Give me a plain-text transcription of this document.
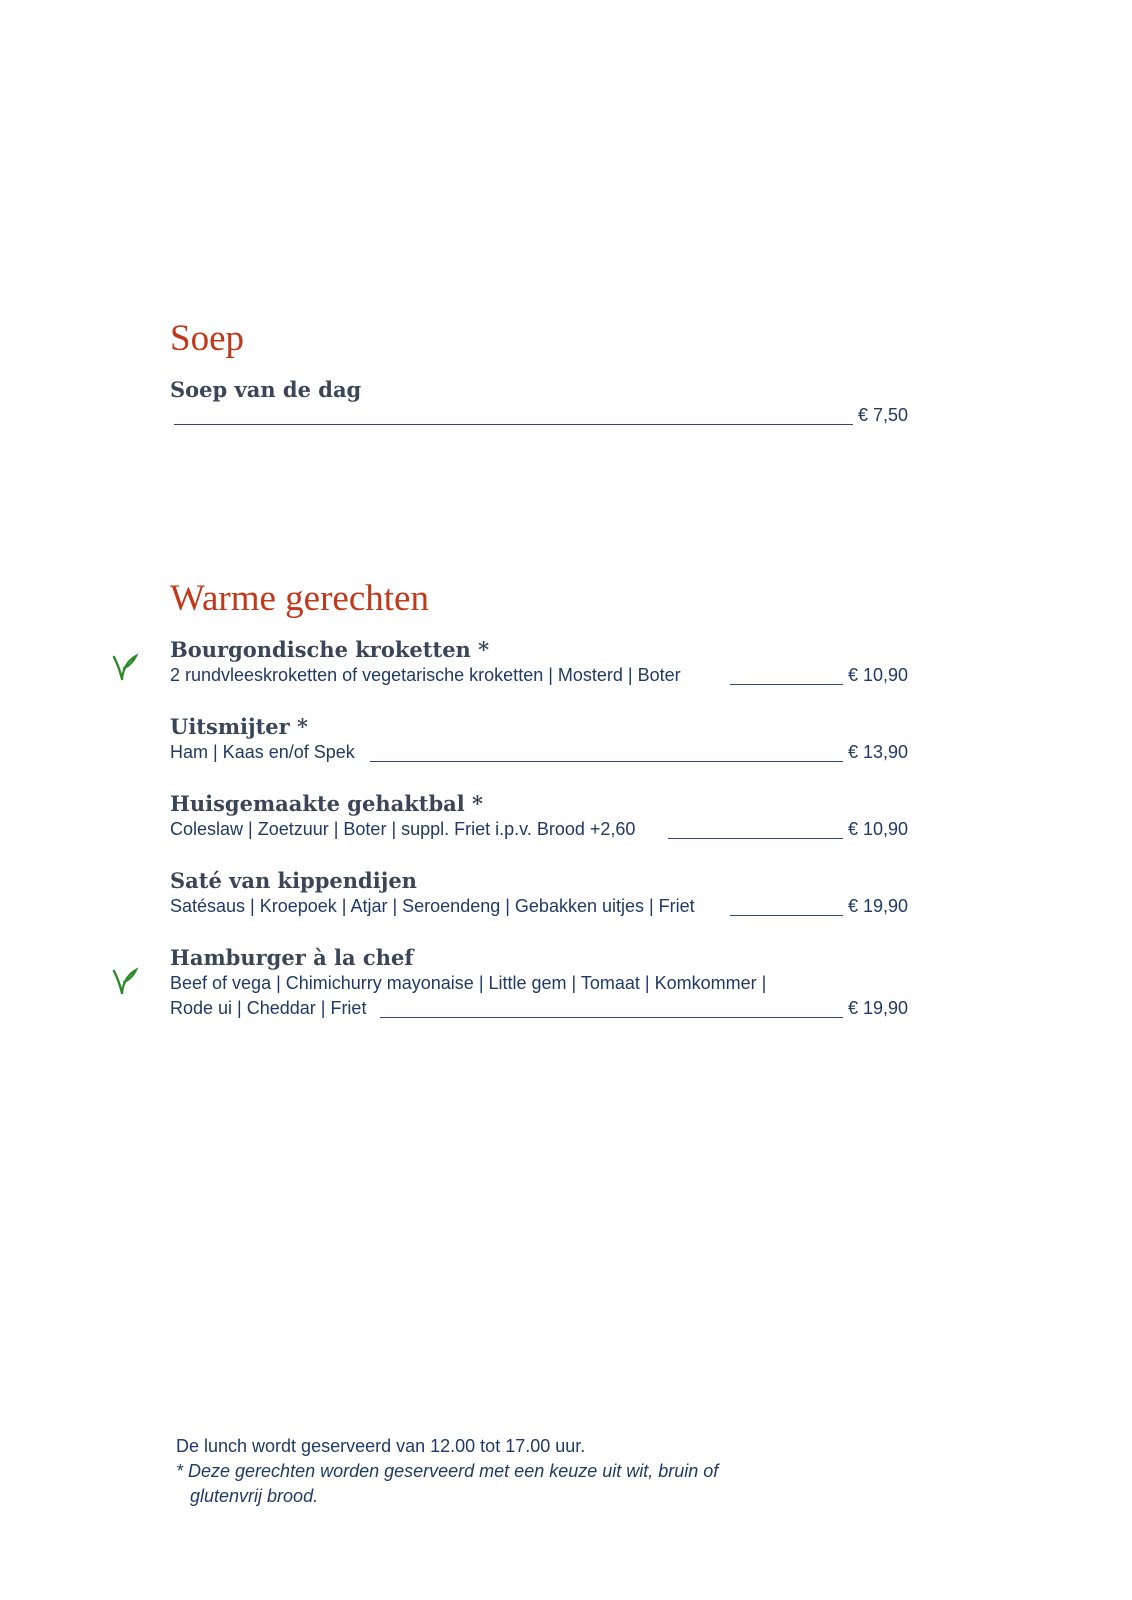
Soep
Soep van de dag
€ 7,50
Warme gerechten
Bourgondische kroketten *
2 rundvleeskroketten of vegetarische kroketten | Mosterd | Boter	€ 10,90
Uitsmijter *
Ham | Kaas en/of Spek	€ 13,90
Huisgemaakte gehaktbal *
Coleslaw | Zoetzuur | Boter | suppl. Friet i.p.v. Brood +2,60	€ 10,90
Saté van kippendijen
Satésaus | Kroepoek | Atjar | Seroendeng | Gebakken uitjes | Friet	€ 19,90
Hamburger à la chef
Beef of vega | Chimichurry mayonaise | Little gem | Tomaat | Komkommer |
Rode ui | Cheddar | Friet	€ 19,90
De lunch wordt geserveerd van 12.00 tot 17.00 uur.
* Deze gerechten worden geserveerd met een keuze uit wit, bruin of
glutenvrij brood.
